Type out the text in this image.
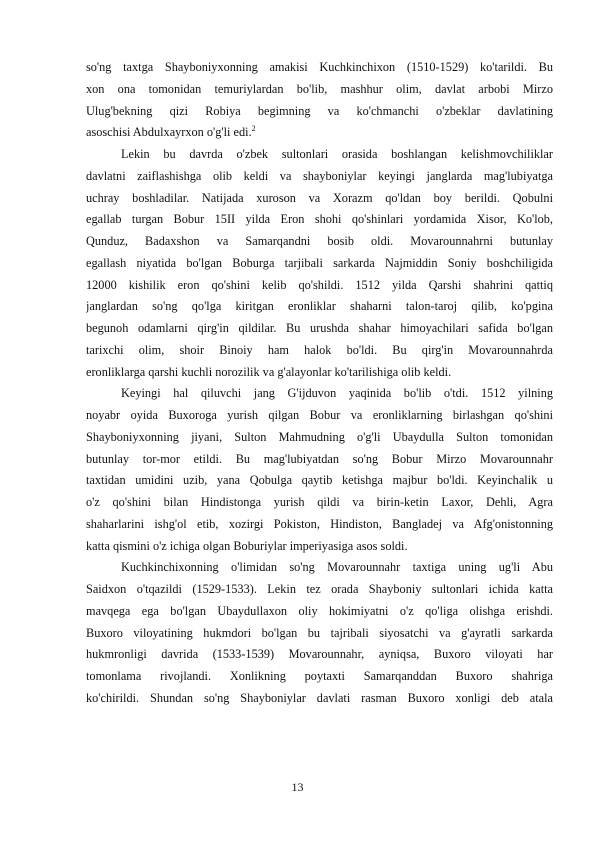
so'ng taxtga Shayboniyxonning amakisi Kuchkinchixon (1510-1529) ko'tarildi. Bu
xon ona tomonidan temuriylardan bo'lib, mashhur olim, davlat arbobi Mirzo
Ulug'bekning qizi Robiya begimning va ko'chmanchi o'zbeklar davlatining
asoschisi Abdulxayrxon o'g'li edi.$^2$
Lekin bu davrda o'zbek sultonlari orasida boshlangan kelishmovchiliklar
davlatni zaiflashishga olib keldi va shayboniylar keyingi janglarda mag'lubiyatga
uchray boshladilar. Natijada xuroson va Xorazm qo'ldan boy berildi. Qobulni
egallab turgan Bobur 15II yilda Eron shohi qo'shinlari yordamida Xisor, Ko'lob,
Qunduz, Badaxshon va Samarqandni bosib oldi. Movarounnahrni butunlay
egallash niyatida bo'lgan Boburga tarjibali sarkarda Najmiddin Soniy boshchiligida
12000 kishilik eron qo'shini kelib qo'shildi. 1512 yilda Qarshi shahrini qattiq
janglardan so'ng qo'lga kiritgan eronliklar shaharni talon-taroj qilib, ko'pgina
begunoh odamlarni qirg'in qildilar. Bu urushda shahar himoyachilari safida bo'lgan
tarixchi olim, shoir Binoiy ham halok bo'ldi. Bu qirg'in Movarounnahrda
eronliklarga qarshi kuchli norozilik va g'alayonlar ko'tarilishiga olib keldi.
Keyingi hal qiluvchi jang G'ijduvon yaqinida bo'lib o'tdi. 1512 yilning
noyabr oyida Buxoroga yurish qilgan Bobur va eronliklarning birlashgan qo'shini
Shayboniyxonning jiyani, Sulton Mahmudning o'g'li Ubaydulla Sulton tomonidan
butunlay tor-mor etildi. Bu mag'lubiyatdan so'ng Bobur Mirzo Movarounnahr
taxtidan umidini uzib, yana Qobulga qaytib ketishga majbur bo'ldi. Keyinchalik u
o'z qo'shini bilan Hindistonga yurish qildi va birin-ketin Laxor, Dehli, Agra
shaharlarini ishg'ol etib, xozirgi Pokiston, Hindiston, Bangladej va Afg'onistonning
katta qismini o'z ichiga olgan Boburiylar imperiyasiga asos soldi.
Kuchkinchixonning o'limidan so'ng Movarounnahr taxtiga uning ug'li Abu
Saidxon o'tqazildi (1529-1533). Lekin tez orada Shayboniy sultonlari ichida katta
mavqega ega bo'lgan Ubaydullaxon oliy hokimiyatni o'z qo'liga olishga erishdi.
Buxoro viloyatining hukmdori bo'lgan bu tajribali siyosatchi va g'ayratli sarkarda
hukmronligi davrida (1533-1539) Movarounnahr, ayniqsa, Buxoro viloyati har
tomonlama rivojlandi. Xonlikning poytaxti Samarqanddan Buxoro shahriga
ko'chirildi. Shundan so'ng Shayboniylar davlati rasman Buxoro xonligi deb atala
13
